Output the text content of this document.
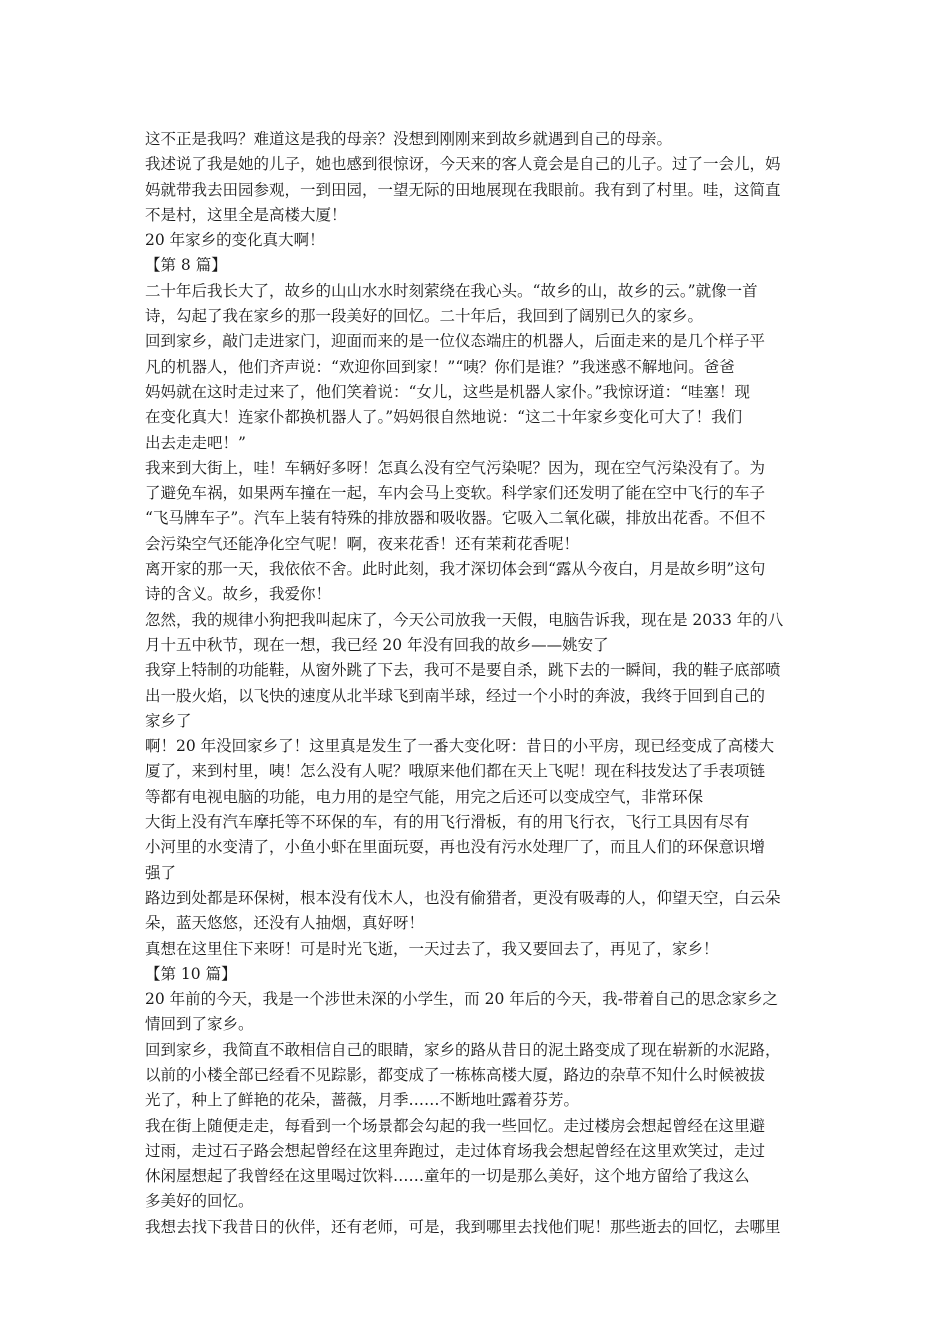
这不正是我吗？难道这是我的母亲？没想到刚刚来到故乡就遇到自己的母亲。
我述说了我是她的儿子，她也感到很惊讶，今天来的客人竟会是自己的儿子。过了一会儿，妈
妈就带我去田园参观，一到田园，一望无际的田地展现在我眼前。我有到了村里。哇，这简直
不是村，这里全是高楼大厦！
20 年家乡的变化真大啊！
【第 8 篇】
二十年后我长大了，故乡的山山水水时刻萦绕在我心头。“故乡的山，故乡的云。”就像一首
诗，勾起了我在家乡的那一段美好的回忆。二十年后，我回到了阔别已久的家乡。
回到家乡，敲门走进家门，迎面而来的是一位仪态端庄的机器人，后面走来的是几个样子平
凡的机器人，他们齐声说：“欢迎你回到家！”“咦？你们是谁？”我迷惑不解地问。爸爸
妈妈就在这时走过来了，他们笑着说：“女儿，这些是机器人家仆。”我惊讶道：“哇塞！现
在变化真大！连家仆都换机器人了。”妈妈很自然地说：“这二十年家乡变化可大了！我们
出去走走吧！”
我来到大街上，哇！车辆好多呀！怎真么没有空气污染呢？因为，现在空气污染没有了。为
了避免车祸，如果两车撞在一起，车内会马上变软。科学家们还发明了能在空中飞行的车子
“飞马牌车子”。汽车上装有特殊的排放器和吸收器。它吸入二氧化碳，排放出花香。不但不
会污染空气还能净化空气呢！啊，夜来花香！还有茉莉花香呢！
离开家的那一天，我依依不舍。此时此刻，我才深切体会到“露从今夜白，月是故乡明”这句
诗的含义。故乡，我爱你！
忽然，我的规律小狗把我叫起床了，今天公司放我一天假，电脑告诉我，现在是 2033 年的八
月十五中秋节，现在一想，我已经 20 年没有回我的故乡——姚安了
我穿上特制的功能鞋，从窗外跳了下去，我可不是要自杀，跳下去的一瞬间，我的鞋子底部喷
出一股火焰，以飞快的速度从北半球飞到南半球，经过一个小时的奔波，我终于回到自己的
家乡了
啊！20 年没回家乡了！这里真是发生了一番大变化呀：昔日的小平房，现已经变成了高楼大
厦了，来到村里，咦！怎么没有人呢？哦原来他们都在天上飞呢！现在科技发达了手表项链
等都有电视电脑的功能，电力用的是空气能，用完之后还可以变成空气，非常环保
大街上没有汽车摩托等不环保的车，有的用飞行滑板，有的用飞行衣，飞行工具因有尽有
小河里的水变清了，小鱼小虾在里面玩耍，再也没有污水处理厂了，而且人们的环保意识增
强了
路边到处都是环保树，根本没有伐木人，也没有偷猎者，更没有吸毒的人，仰望天空，白云朵
朵，蓝天悠悠，还没有人抽烟，真好呀！
真想在这里住下来呀！可是时光飞逝，一天过去了，我又要回去了，再见了，家乡！
【第 10 篇】
20 年前的今天，我是一个涉世未深的小学生，而 20 年后的今天，我-带着自己的思念家乡之
情回到了家乡。
回到家乡，我简直不敢相信自己的眼睛，家乡的路从昔日的泥土路变成了现在崭新的水泥路，
以前的小楼全部已经看不见踪影，都变成了一栋栋高楼大厦，路边的杂草不知什么时候被拔
光了，种上了鲜艳的花朵，蔷薇，月季……不断地吐露着芬芳。
我在街上随便走走，每看到一个场景都会勾起的我一些回忆。走过楼房会想起曾经在这里避
过雨，走过石子路会想起曾经在这里奔跑过，走过体育场我会想起曾经在这里欢笑过，走过
休闲屋想起了我曾经在这里喝过饮料……童年的一切是那么美好，这个地方留给了我这么
多美好的回忆。
我想去找下我昔日的伙伴，还有老师，可是，我到哪里去找他们呢！那些逝去的回忆，去哪里
